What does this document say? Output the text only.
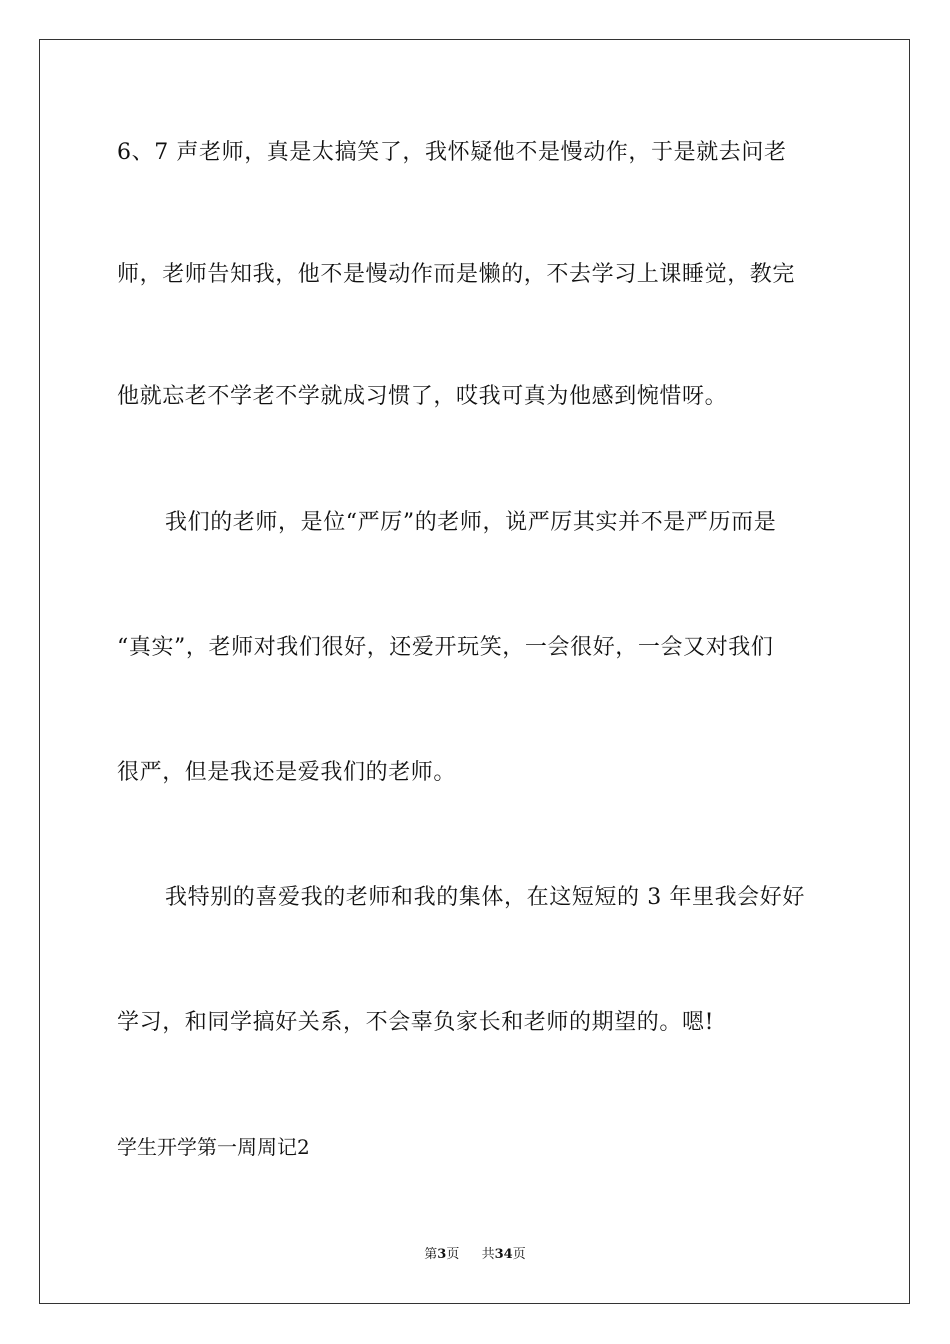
6、7 声老师，真是太搞笑了，我怀疑他不是慢动作，于是就去问老
师，老师告知我，他不是慢动作而是懒的，不去学习上课睡觉，教完
他就忘老不学老不学就成习惯了，哎我可真为他感到惋惜呀。
我们的老师，是位“严厉”的老师，说严厉其实并不是严历而是
“真实”，老师对我们很好，还爱开玩笑，一会很好，一会又对我们
很严，但是我还是爱我们的老师。
我特别的喜爱我的老师和我的集体，在这短短的 3 年里我会好好
学习，和同学搞好关系，不会辜负家长和老师的期望的。嗯!
学生开学第一周周记2
第3页 共34页
